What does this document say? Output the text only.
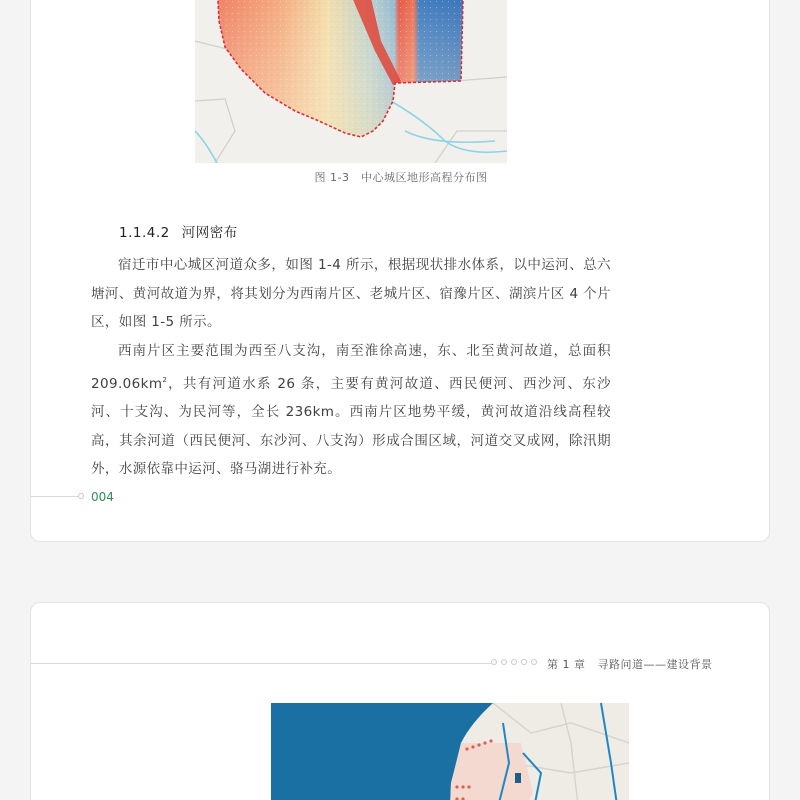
图 1-3　中心城区地形高程分布图
1.1.4.2 河网密布

宿迁市中心城区河道众多，如图 1-4 所示，根据现状排水体系，以中运河、总六塘河、黄河故道为界，将其划分为西南片区、老城片区、宿豫片区、湖滨片区 4 个片区，如图 1-5 所示。

西南片区主要范围为西至八支沟，南至淮徐高速，东、北至黄河故道，总面积 $209.06km^2$，共有河道水系 26 条，主要有黄河故道、西民便河、西沙河、东沙河、十支沟、为民河等，全长 236km。西南片区地势平缓，黄河故道沿线高程较高，其余河道（西民便河、东沙河、八支沟）形成合围区域，河道交叉成网，除汛期外，水源依靠中运河、骆马湖进行补充。

004
第 1 章 寻路问道——建设背景
